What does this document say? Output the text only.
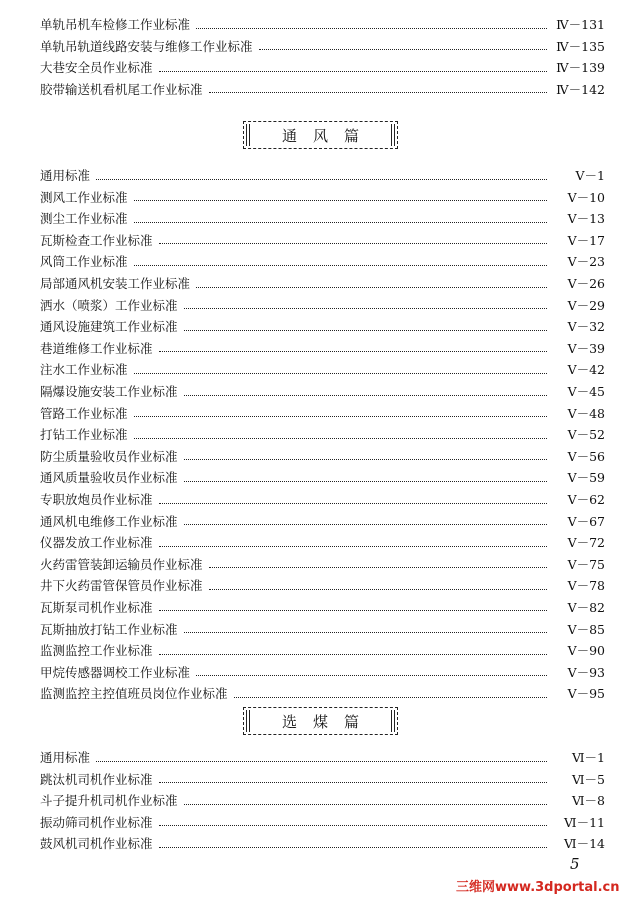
单轨吊机车检修工作业标准	Ⅳ－131
单轨吊轨道线路安装与维修工作业标准	Ⅳ－135
大巷安全员作业标准	Ⅳ－139
胶带输送机看机尾工作业标准	Ⅳ－142
通风篇
通用标准	Ⅴ－1
测风工作业标准	Ⅴ－10
测尘工作业标准	Ⅴ－13
瓦斯检查工作业标准	Ⅴ－17
风筒工作业标准	Ⅴ－23
局部通风机安装工作业标准	Ⅴ－26
洒水（喷浆）工作业标准	Ⅴ－29
通风设施建筑工作业标准	Ⅴ－32
巷道维修工作业标准	Ⅴ－39
注水工作业标准	Ⅴ－42
隔爆设施安装工作业标准	Ⅴ－45
管路工作业标准	Ⅴ－48
打钻工作业标准	Ⅴ－52
防尘质量验收员作业标准	Ⅴ－56
通风质量验收员作业标准	Ⅴ－59
专职放炮员作业标准	Ⅴ－62
通风机电维修工作业标准	Ⅴ－67
仪器发放工作业标准	Ⅴ－72
火药雷管装卸运输员作业标准	Ⅴ－75
井下火药雷管保管员作业标准	Ⅴ－78
瓦斯泵司机作业标准	Ⅴ－82
瓦斯抽放打钻工作业标准	Ⅴ－85
监测监控工作业标准	Ⅴ－90
甲烷传感器调校工作业标准	Ⅴ－93
监测监控主控值班员岗位作业标准	Ⅴ－95
选煤篇
通用标准	Ⅵ－1
跳汰机司机作业标准	Ⅵ－5
斗子提升机司机作业标准	Ⅵ－8
振动筛司机作业标准	Ⅵ－11
鼓风机司机作业标准	Ⅵ－14
5
三维网www.3dportal.cn
